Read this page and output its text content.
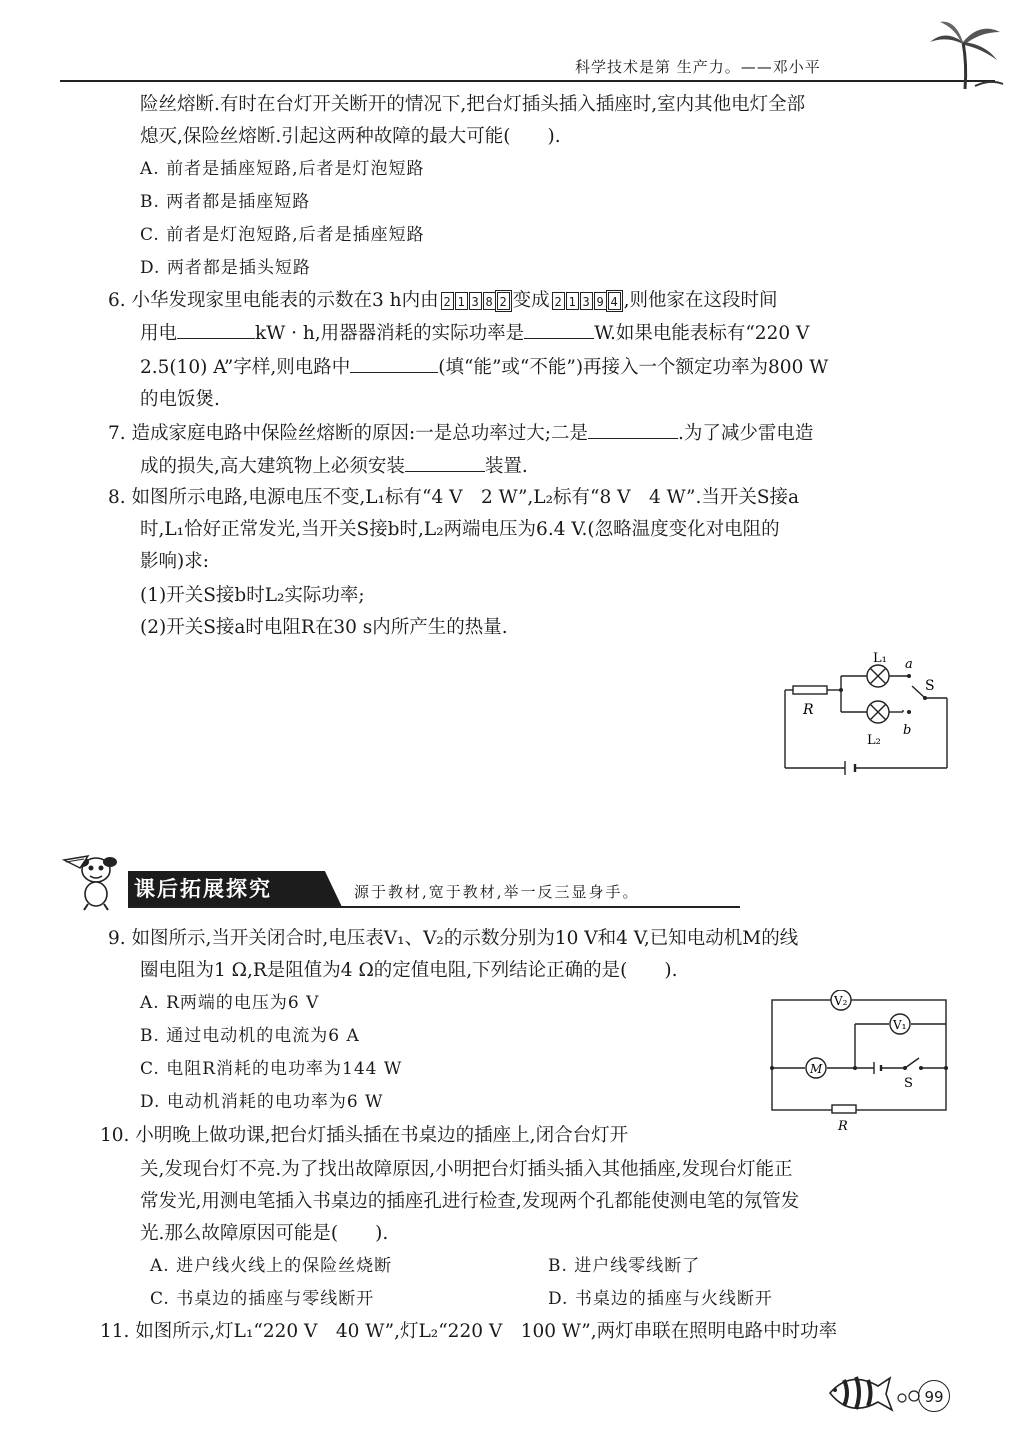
科学技术是第 生产力。——邓小平
险丝熔断.有时在台灯开关断开的情况下,把台灯插头插入插座时,室内其他电灯全部
熄灭,保险丝熔断.引起这两种故障的最大可能(　　).
A. 前者是插座短路,后者是灯泡短路
B. 两者都是插座短路
C. 前者是灯泡短路,后者是插座短路
D. 两者都是插头短路
6. 小华发现家里电能表的示数在3 h内由 2 1 3 8 2 变成 2 1 3 9 4 ,则他家在这段时间
用电	kW · h,用器器消耗的实际功率是	W.如果电能表标有“220 V
2.5(10) A”字样,则电路中	(填“能”或“不能”)再接入一个额定功率为800 W
的电饭煲.
7. 造成家庭电路中保险丝熔断的原因:一是总功率过大;二是	.为了减少雷电造
成的损失,高大建筑物上必须安装	装置.
8. 如图所示电路,电源电压不变,L₁标有“4 V　2 W”,L₂标有“8 V　4 W”.当开关S接a
时,L₁恰好正常发光,当开关S接b时,L₂两端电压为6.4 V.(忽略温度变化对电阻的
影响)求:
(1)开关S接b时L₂实际功率;
(2)开关S接a时电阻R在30 s内所产生的热量.
L₁ a
S
R
L₂
b
课后拓展探究	源于教材,宽于教材,举一反三显身手。
9. 如图所示,当开关闭合时,电压表V₁、V₂的示数分别为10 V和4 V,已知电动机M的线
圈电阻为1 Ω,R是阻值为4 Ω的定值电阻,下列结论正确的是(　　).
A. R两端的电压为6 V
B. 通过电动机的电流为6 A
C. 电阻R消耗的电功率为144 W
D. 电动机消耗的电功率为6 W
V₂
V₁
M
S
R
10. 小明晚上做功课,把台灯插头插在书桌边的插座上,闭合台灯开
关,发现台灯不亮.为了找出故障原因,小明把台灯插头插入其他插座,发现台灯能正
常发光,用测电笔插入书桌边的插座孔进行检查,发现两个孔都能使测电笔的氖管发
光.那么故障原因可能是(　　).
A. 进户线火线上的保险丝烧断	B. 进户线零线断了
C. 书桌边的插座与零线断开	D. 书桌边的插座与火线断开
11. 如图所示,灯L₁“220 V　40 W”,灯L₂“220 V　100 W”,两灯串联在照明电路中时功率
99
